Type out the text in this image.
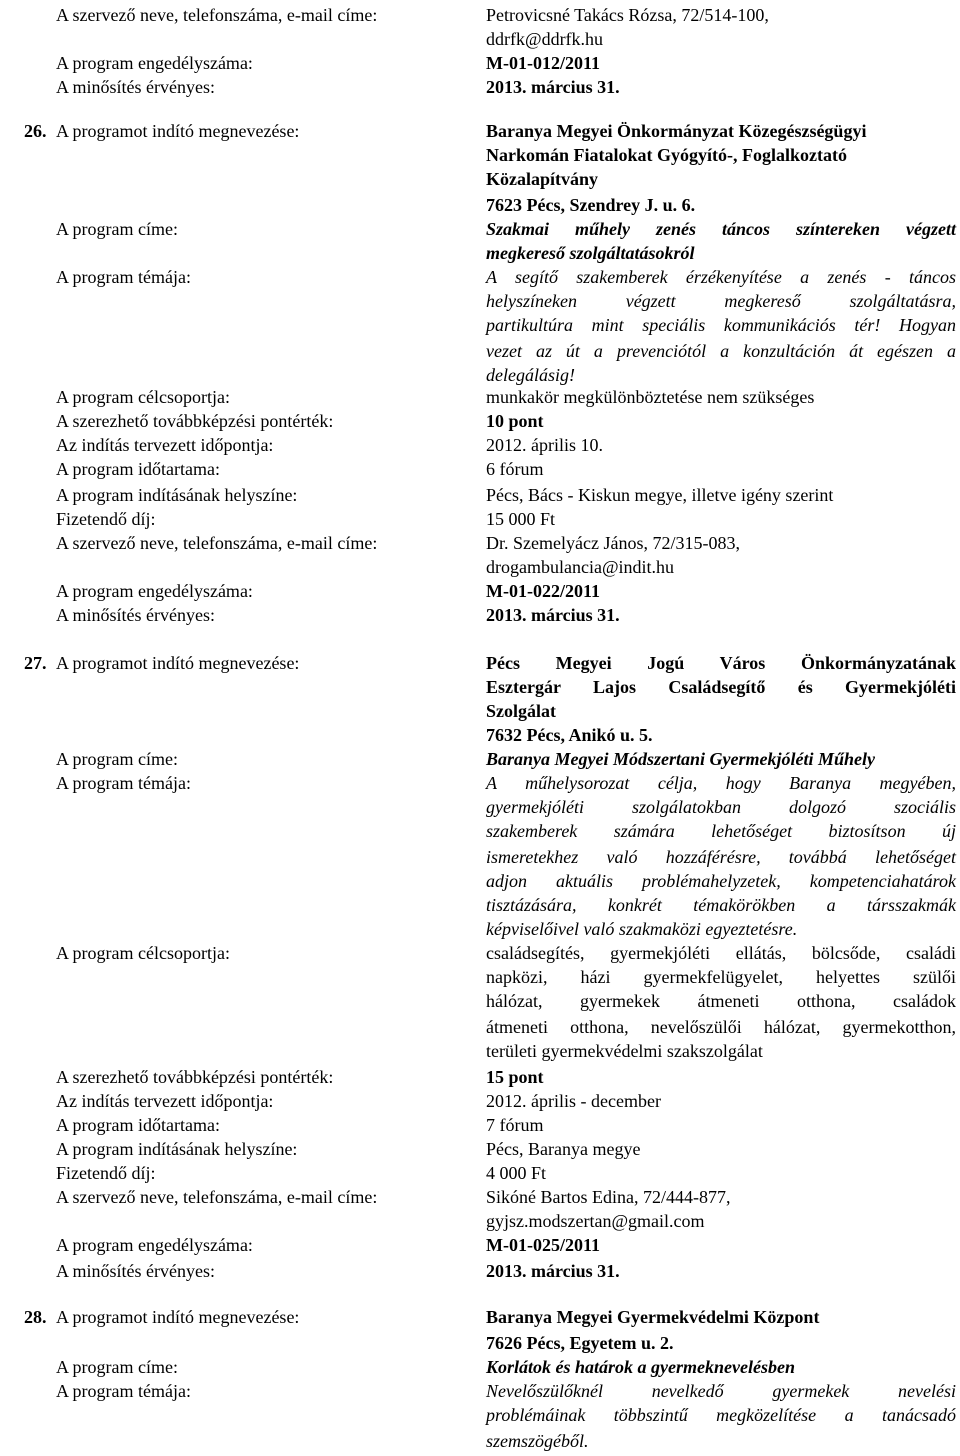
A szervező neve, telefonszáma, e-mail címe:	Petrovicsné Takács Rózsa, 72/514-100,
ddrfk@ddrfk.hu
A program engedélyszáma:	M-01-012/2011
A minősítés érvényes:	2013. március 31.
26. A programot indító megnevezése:	Baranya Megyei Önkormányzat Közegészségügyi
Narkomán Fiatalokat Gyógyító-, Foglalkoztató
Közalapítvány
7623 Pécs, Szendrey J. u. 6.
A program címe:	Szakmai műhely zenés táncos színtereken végzett
megkereső szolgáltatásokról
A program témája:	A segítő szakemberek érzékenyítése a zenés - táncos
helyszíneken végzett megkereső szolgáltatásra,
partikultúra mint speciális kommunikációs tér! Hogyan
vezet az út a prevenciótól a konzultáción át egészen a
delegálásig!
A program célcsoportja:	munkakör megkülönböztetése nem szükséges
A szerezhető továbbképzési pontérték:	10 pont
Az indítás tervezett időpontja:	2012. április 10.
A program időtartama:	6 fórum
A program indításának helyszíne:	Pécs, Bács - Kiskun megye, illetve igény szerint
Fizetendő díj:	15 000 Ft
A szervező neve, telefonszáma, e-mail címe:	Dr. Szemelyácz János, 72/315-083,
drogambulancia@indit.hu
A program engedélyszáma:	M-01-022/2011
A minősítés érvényes:	2013. március 31.
27. A programot indító megnevezése:	Pécs Megyei Jogú Város Önkormányzatának
Esztergár Lajos Családsegítő és Gyermekjóléti
Szolgálat
7632 Pécs, Anikó u. 5.
A program címe:	Baranya Megyei Módszertani Gyermekjóléti Műhely
A program témája:	A műhelysorozat célja, hogy Baranya megyében,
gyermekjóléti szolgálatokban dolgozó szociális
szakemberek számára lehetőséget biztosítson új
ismeretekhez való hozzáférésre, továbbá lehetőséget
adjon aktuális problémahelyzetek, kompetenciahatárok
tisztázására, konkrét témakörökben a társszakmák
képviselőivel való szakmaközi egyeztetésre.
A program célcsoportja:	családsegítés, gyermekjóléti ellátás, bölcsőde, családi
napközi, házi gyermekfelügyelet, helyettes szülői
hálózat, gyermekek átmeneti otthona, családok
átmeneti otthona, nevelőszülői hálózat, gyermekotthon,
területi gyermekvédelmi szakszolgálat
A szerezhető továbbképzési pontérték:	15 pont
Az indítás tervezett időpontja:	2012. április - december
A program időtartama:	7 fórum
A program indításának helyszíne:	Pécs, Baranya megye
Fizetendő díj:	4 000 Ft
A szervező neve, telefonszáma, e-mail címe:	Sikóné Bartos Edina, 72/444-877,
gyjsz.modszertan@gmail.com
A program engedélyszáma:	M-01-025/2011
A minősítés érvényes:	2013. március 31.
28. A programot indító megnevezése:	Baranya Megyei Gyermekvédelmi Központ
7626 Pécs, Egyetem u. 2.
A program címe:	Korlátok és határok a gyermeknevelésben
A program témája:	Nevelőszülőknél nevelkedő gyermekek nevelési
problémáinak többszintű megközelítése a tanácsadó
szemszögéből.
